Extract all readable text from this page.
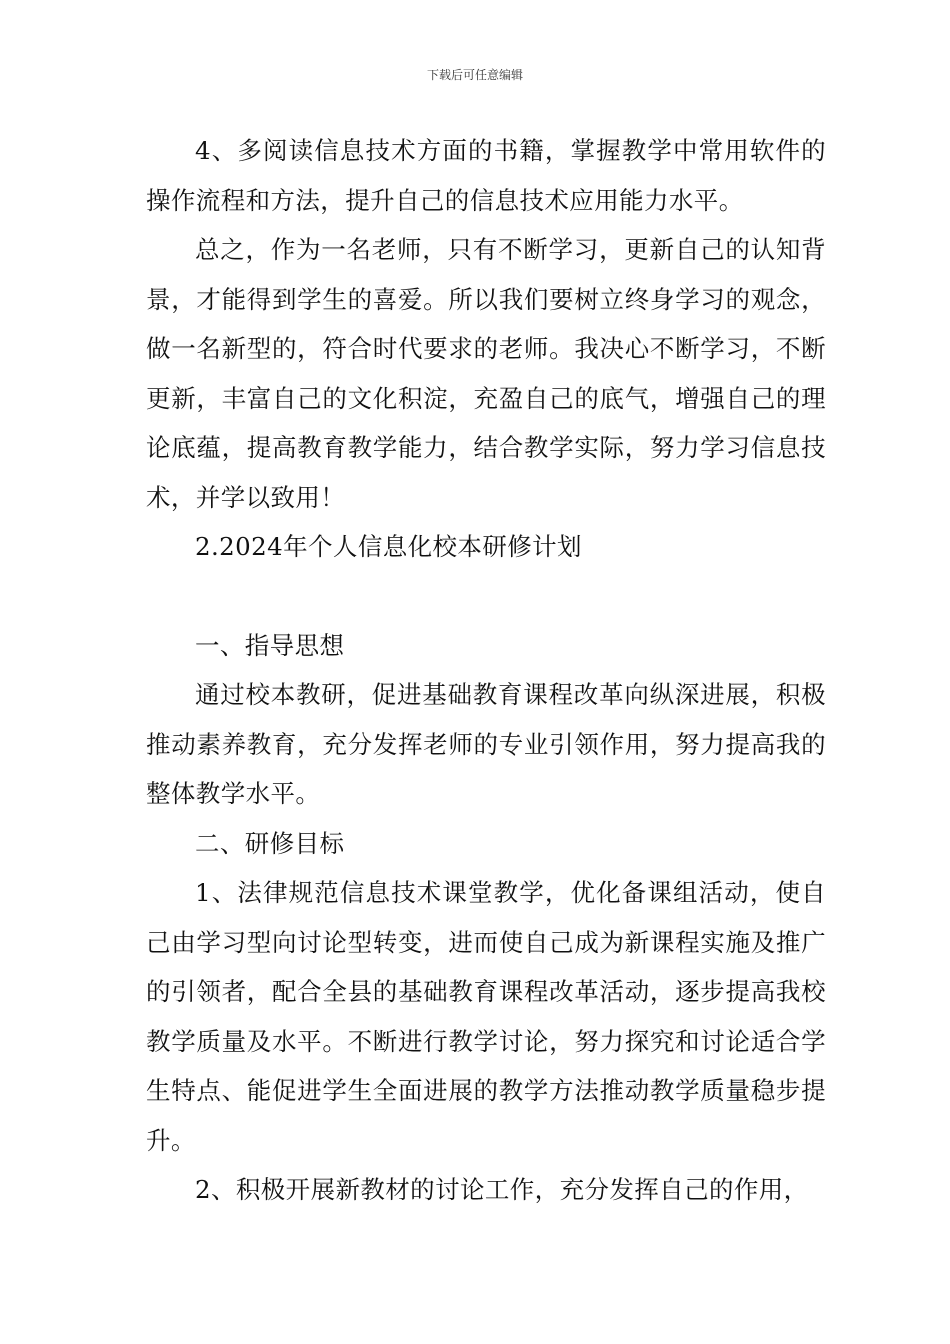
下载后可任意编辑

4、多阅读信息技术方面的书籍，掌握教学中常用软件的操作流程和方法，提升自己的信息技术应用能力水平。

总之，作为一名老师，只有不断学习，更新自己的认知背景，才能得到学生的喜爱。所以我们要树立终身学习的观念，做一名新型的，符合时代要求的老师。我决心不断学习，不断更新，丰富自己的文化积淀，充盈自己的底气，增强自己的理论底蕴，提高教育教学能力，结合教学实际，努力学习信息技术，并学以致用！

2.2024年个人信息化校本研修计划

一、指导思想

通过校本教研，促进基础教育课程改革向纵深进展，积极推动素养教育，充分发挥老师的专业引领作用，努力提高我的整体教学水平。

二、研修目标

1、法律规范信息技术课堂教学，优化备课组活动，使自己由学习型向讨论型转变，进而使自己成为新课程实施及推广的引领者，配合全县的基础教育课程改革活动，逐步提高我校教学质量及水平。不断进行教学讨论，努力探究和讨论适合学生特点、能促进学生全面进展的教学方法推动教学质量稳步提升。

2、积极开展新教材的讨论工作，充分发挥自己的作用，
